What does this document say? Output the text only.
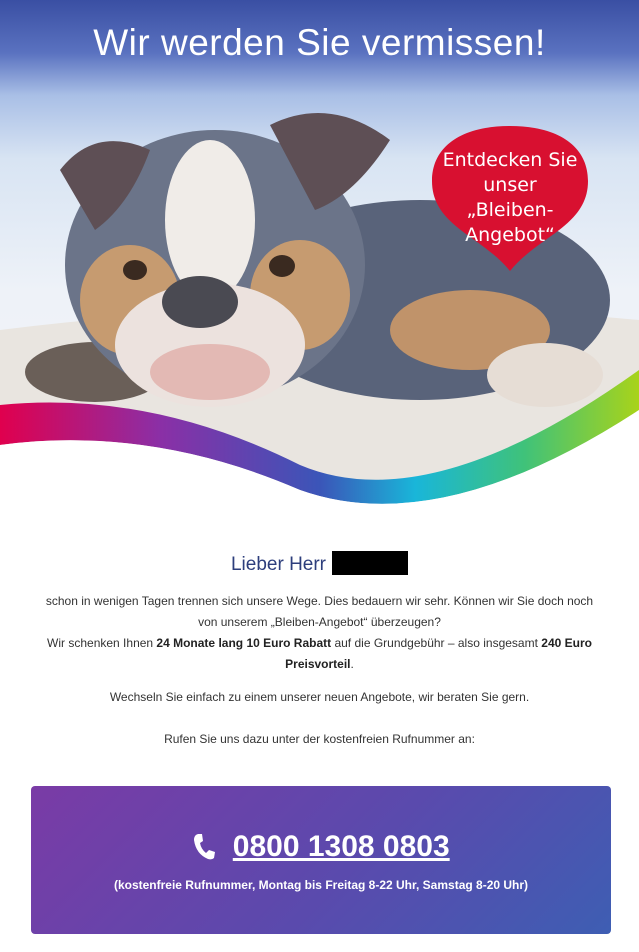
Wir werden Sie vermissen!
Entdecken Sie unser „Bleiben-Angebot“
Lieber Herr
schon in wenigen Tagen trennen sich unsere Wege. Dies bedauern wir sehr. Können wir Sie doch noch von unserem „Bleiben-Angebot“ überzeugen?
Wir schenken Ihnen 24 Monate lang 10 Euro Rabatt auf die Grundgebühr – also insgesamt 240 Euro Preisvorteil.
Wechseln Sie einfach zu einem unserer neuen Angebote, wir beraten Sie gern.
Rufen Sie uns dazu unter der kostenfreien Rufnummer an:
0800 1308 0803
(kostenfreie Rufnummer, Montag bis Freitag 8-22 Uhr, Samstag 8-20 Uhr)
